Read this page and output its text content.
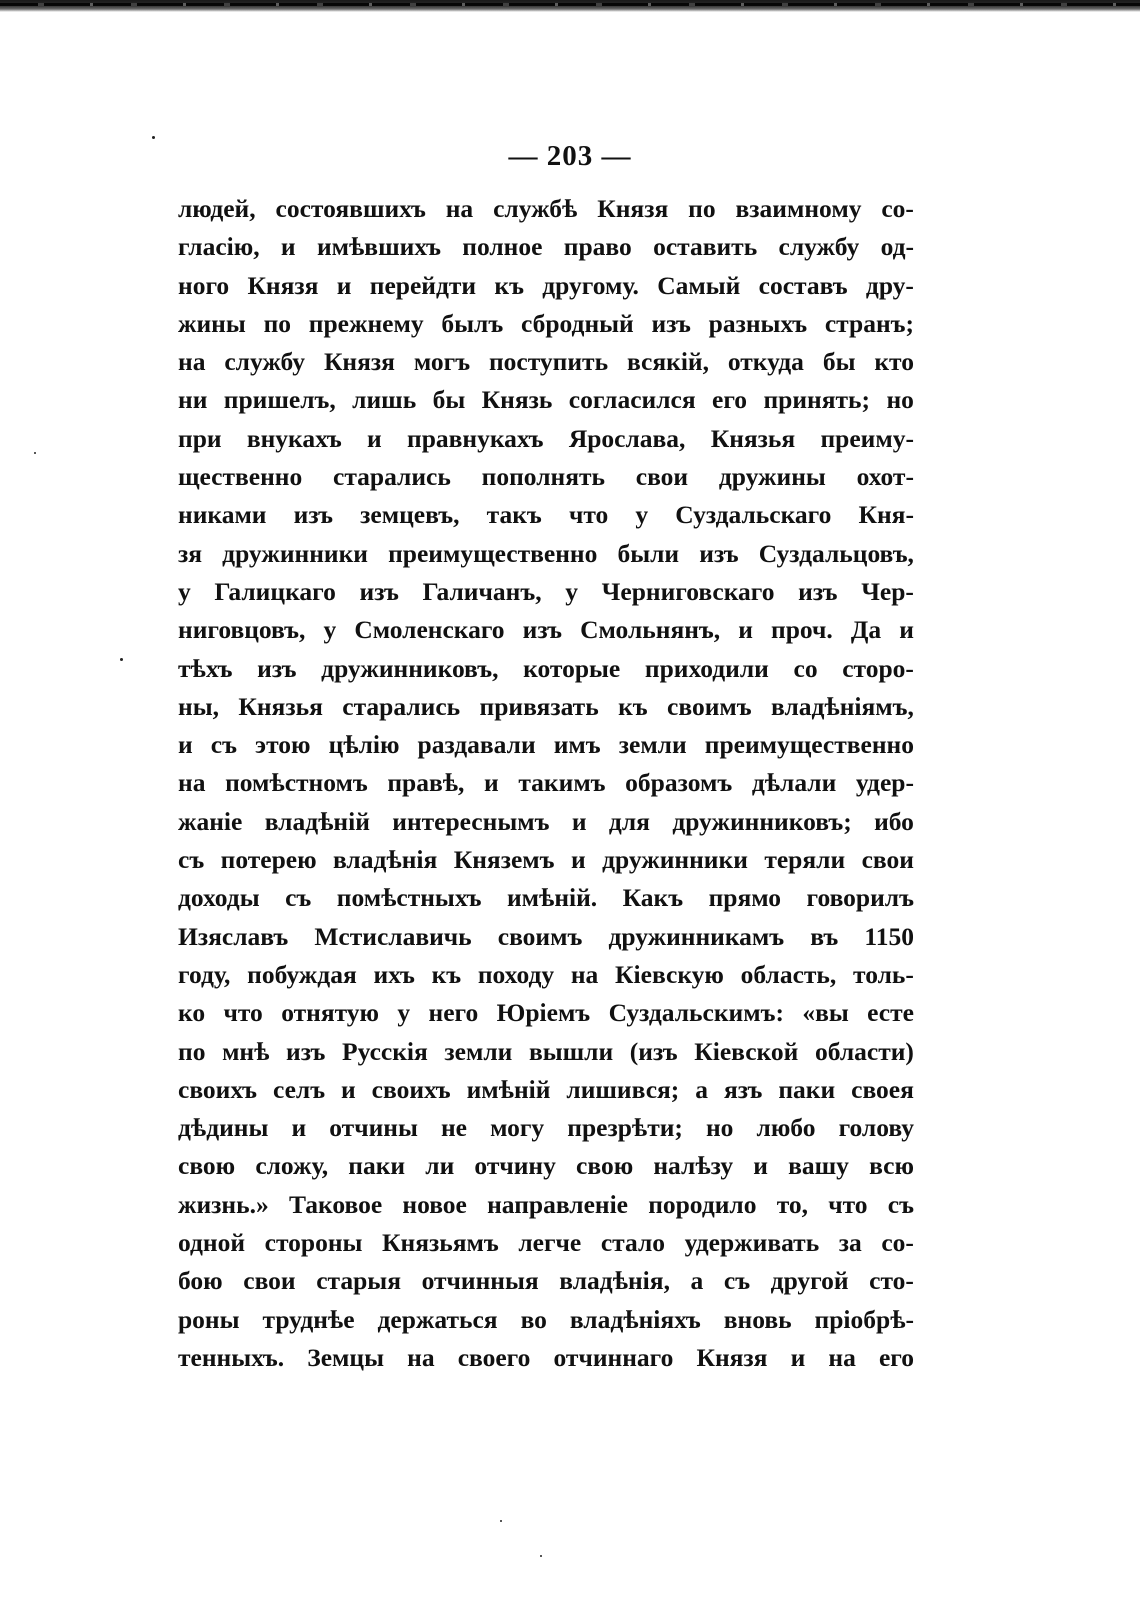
— 203 —
людей, состоявшихъ на службѣ Князя по взаимному со-
гласію, и имѣвшихъ полное право оставить службу од-
ного Князя и перейдти къ другому. Самый составъ дру-
жины по прежнему былъ сбродный изъ разныхъ странъ;
на службу Князя могъ поступить всякій, откуда бы кто
ни пришелъ, лишь бы Князь согласился его принять; но
при внукахъ и правнукахъ Ярослава, Князья преиму-
щественно старались пополнять свои дружины охот-
никами изъ земцевъ, такъ что у Суздальскаго Кня-
зя дружинники преимущественно были изъ Суздальцовъ,
у Галицкаго изъ Галичанъ, у Черниговскаго изъ Чер-
ниговцовъ, у Смоленскаго изъ Смольнянъ, и проч. Да и
тѣхъ изъ дружинниковъ, которые приходили со сторо-
ны, Князья старались привязать къ своимъ владѣніямъ,
и съ этою цѣлію раздавали имъ земли преимущественно
на помѣстномъ правѣ, и такимъ образомъ дѣлали удер-
жаніе владѣній интереснымъ и для дружинниковъ; ибо
съ потерею владѣнія Княземъ и дружинники теряли свои
доходы съ помѣстныхъ имѣній. Какъ прямо говорилъ
Изяславъ Мстиславичь своимъ дружинникамъ въ 1150
году, побуждая ихъ къ походу на Кіевскую область, толь-
ко что отнятую у него Юріемъ Суздальскимъ: «вы есте
по мнѣ изъ Русскія земли вышли (изъ Кіевской области)
своихъ селъ и своихъ имѣній лишився; а язъ паки своея
дѣдины и отчины не могу презрѣти; но любо голову
свою сложу, паки ли отчину свою налѣзу и вашу всю
жизнь.» Таковое новое направленіе породило то, что съ
одной стороны Князьямъ легче стало удерживать за со-
бою свои старыя отчинныя владѣнія, а съ другой сто-
роны труднѣе держаться во владѣніяхъ вновь пріобрѣ-
тенныхъ. Земцы на своего отчиннаго Князя и на его
